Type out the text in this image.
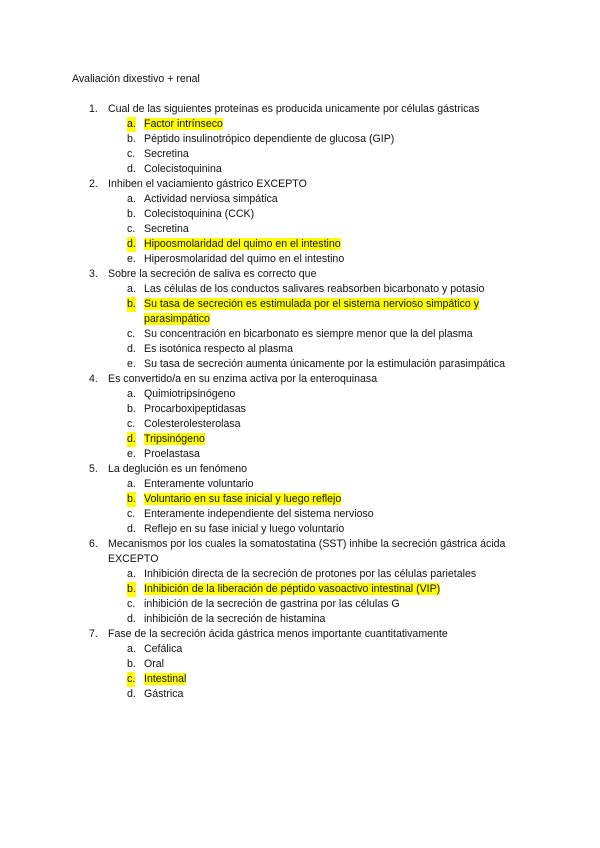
Avaliación dixestivo + renal
1. Cual de las siguientes proteínas es producida unicamente por células gástricas
a. Factor intrínseco
b. Péptido insulinotrópico dependiente de glucosa (GIP)
c. Secretina
d. Colecistoquinina
2. Inhiben el vaciamiento gástrico EXCEPTO
a. Actividad nerviosa simpática
b. Colecistoquinina (CCK)
c. Secretina
d. Hipoosmolaridad del quimo en el intestino
e. Hiperosmolaridad del quimo en el intestino
3. Sobre la secreción de saliva es correcto que
a. Las células de los conductos salivares reabsorben bicarbonato y potasio
b. Su tasa de secreción es estimulada por el sistema nervioso simpático y parasimpático
c. Su concentración en bicarbonato es siempre menor que la del plasma
d. Es isotónica respecto al plasma
e. Su tasa de secreción aumenta únicamente por la estimulación parasimpática
4. Es convertido/a en su enzima activa por la enteroquinasa
a. Quimiotripsinógeno
b. Procarboxipeptidasas
c. Colesterolesterolasa
d. Tripsinógeno
e. Proelastasa
5. La deglución es un fenómeno
a. Enteramente voluntario
b. Voluntario en su fase inicial y luego reflejo
c. Enteramente independiente del sistema nervioso
d. Reflejo en su fase inicial y luego voluntario
6. Mecanismos por los cuales la somatostatina (SST) inhibe la secreción gástrica ácida EXCEPTO
a. Inhibición directa de la secreción de protones por las células parietales
b. Inhibición de la liberación de péptido vasoactivo intestinal (VIP)
c. inhibición de la secreción de gastrina por las células G
d. inhibición de la secreción de histamina
7. Fase de la secreción ácida gástrica menos importante cuantitativamente
a. Cefálica
b. Oral
c. Intestinal
d. Gástrica
